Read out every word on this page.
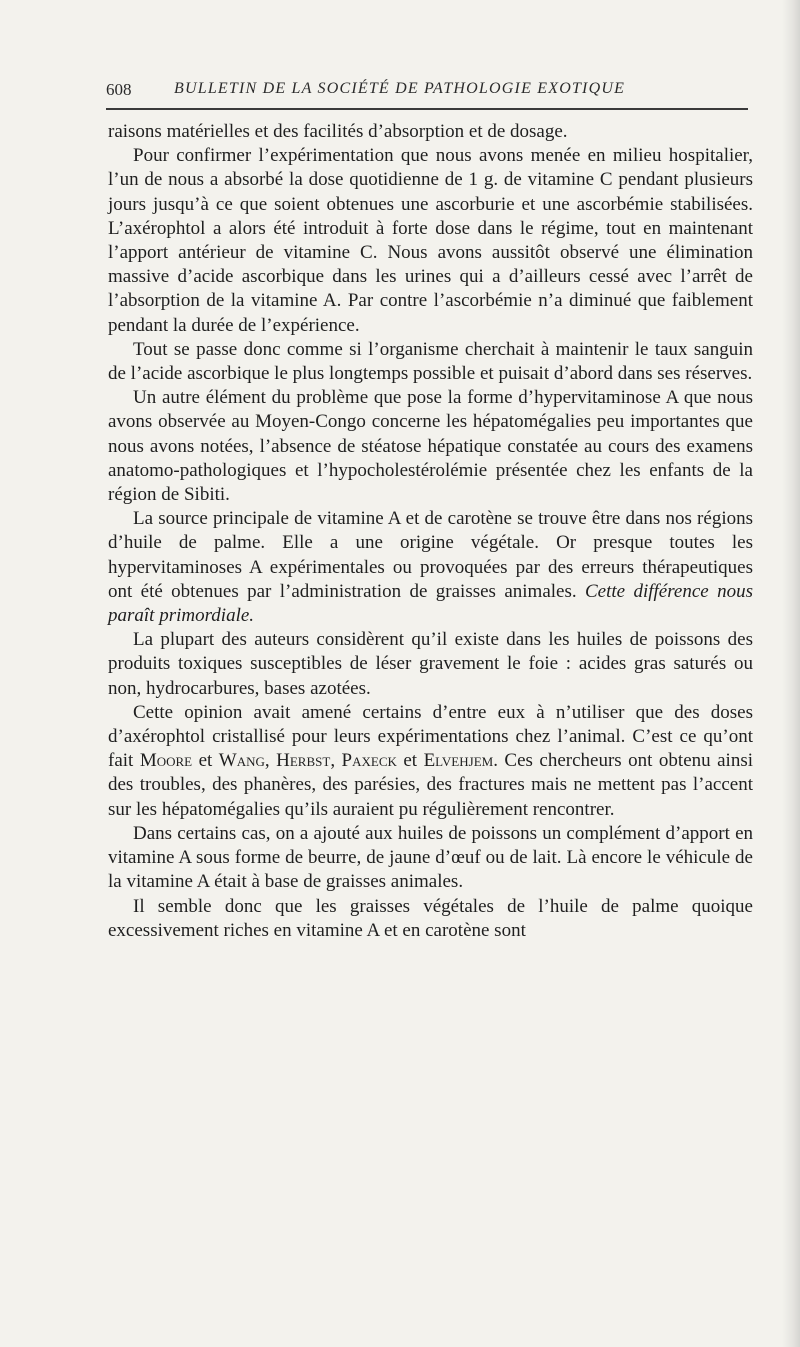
608	BULLETIN DE LA SOCIÉTÉ DE PATHOLOGIE EXOTIQUE

raisons matérielles et des facilités d’absorption et de dosage.

Pour confirmer l’expérimentation que nous avons menée en milieu hospitalier, l’un de nous a absorbé la dose quotidienne de 1 g. de vitamine C pendant plusieurs jours jusqu’à ce que soient obtenues une ascorburie et une ascorbémie stabilisées. L’axérophtol a alors été introduit à forte dose dans le régime, tout en maintenant l’apport antérieur de vitamine C. Nous avons aussitôt observé une élimination massive d’acide ascorbique dans les urines qui a d’ailleurs cessé avec l’arrêt de l’absorption de la vitamine A. Par contre l’ascorbémie n’a diminué que faiblement pendant la durée de l’expérience.

Tout se passe donc comme si l’organisme cherchait à maintenir le taux sanguin de l’acide ascorbique le plus longtemps possible et puisait d’abord dans ses réserves.

Un autre élément du problème que pose la forme d’hypervitaminose A que nous avons observée au Moyen-Congo concerne les hépatomégalies peu importantes que nous avons notées, l’absence de stéatose hépatique constatée au cours des examens anatomo-pathologiques et l’hypocholestérolémie présentée chez les enfants de la région de Sibiti.

La source principale de vitamine A et de carotène se trouve être dans nos régions d’huile de palme. Elle a une origine végétale. Or presque toutes les hypervitaminoses A expérimentales ou provoquées par des erreurs thérapeutiques ont été obtenues par l’administration de graisses animales. Cette différence nous paraît primordiale.

La plupart des auteurs considèrent qu’il existe dans les huiles de poissons des produits toxiques susceptibles de léser gravement le foie : acides gras saturés ou non, hydrocarbures, bases azotées.

Cette opinion avait amené certains d’entre eux à n’utiliser que des doses d’axérophtol cristallisé pour leurs expérimentations chez l’animal. C’est ce qu’ont fait Moore et Wang, Herbst, Paxeck et Elvehjem. Ces chercheurs ont obtenu ainsi des troubles, des phanères, des parésies, des fractures mais ne mettent pas l’accent sur les hépatomégalies qu’ils auraient pu régulièrement rencontrer.

Dans certains cas, on a ajouté aux huiles de poissons un complément d’apport en vitamine A sous forme de beurre, de jaune d’œuf ou de lait. Là encore le véhicule de la vitamine A était à base de graisses animales.

Il semble donc que les graisses végétales de l’huile de palme quoique excessivement riches en vitamine A et en carotène sont
